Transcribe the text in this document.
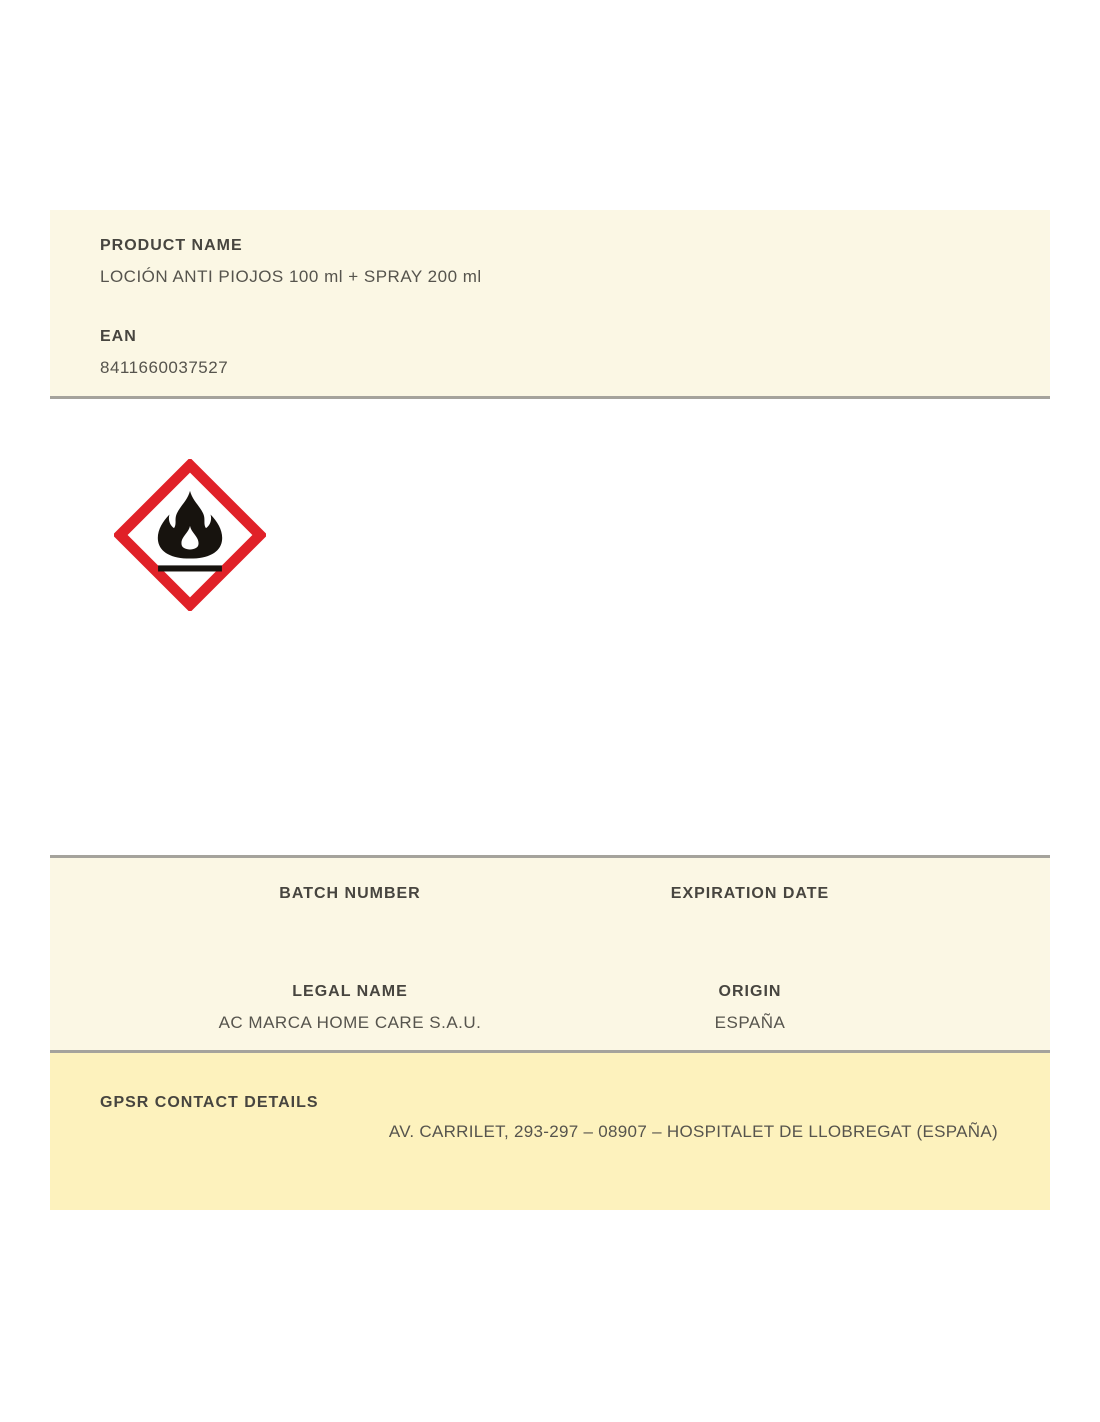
PRODUCT NAME
LOCIÓN ANTI PIOJOS 100 ml + SPRAY 200 ml
EAN
8411660037527
BATCH NUMBER	EXPIRATION DATE
LEGAL NAME
AC MARCA HOME CARE S.A.U.
ORIGIN
ESPAÑA
GPSR CONTACT DETAILS
AV. CARRILET, 293-297 – 08907 – HOSPITALET DE LLOBREGAT (ESPAÑA)
